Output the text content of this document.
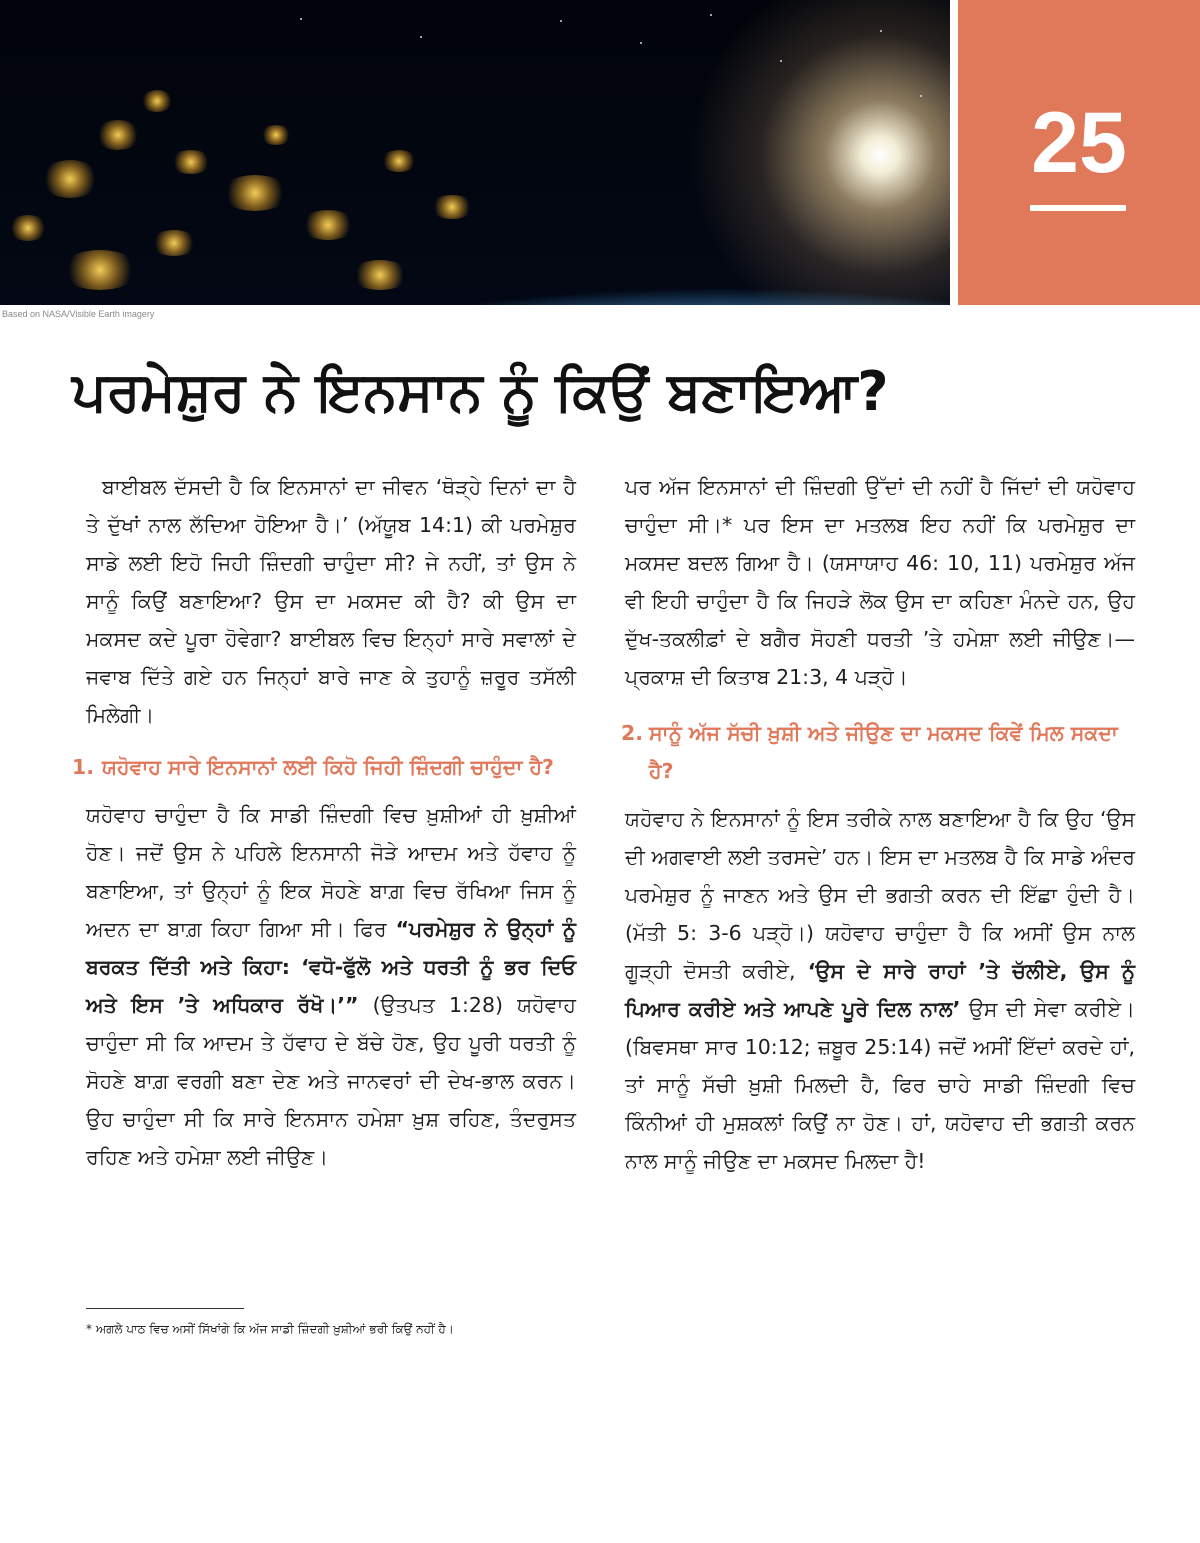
25
Based on NASA/Visible Earth imagery
ਪਰਮੇਸ਼ੁਰ ਨੇ ਇਨਸਾਨ ਨੂੰ ਕਿਉਂ ਬਣਾਇਆ?

ਬਾਈਬਲ ਦੱਸਦੀ ਹੈ ਕਿ ਇਨਸਾਨਾਂ ਦਾ ਜੀਵਨ ‘ਥੋੜ੍ਹੇ ਦਿਨਾਂ ਦਾ ਹੈ ਤੇ ਦੁੱਖਾਂ ਨਾਲ ਲੱਦਿਆ ਹੋਇਆ ਹੈ।’ (ਅੱਯੂਬ 14:1) ਕੀ ਪਰਮੇਸ਼ੁਰ ਸਾਡੇ ਲਈ ਇਹੋ ਜਿਹੀ ਜ਼ਿੰਦਗੀ ਚਾਹੁੰਦਾ ਸੀ? ਜੇ ਨਹੀਂ, ਤਾਂ ਉਸ ਨੇ ਸਾਨੂੰ ਕਿਉਂ ਬਣਾਇਆ? ਉਸ ਦਾ ਮਕਸਦ ਕੀ ਹੈ? ਕੀ ਉਸ ਦਾ ਮਕਸਦ ਕਦੇ ਪੂਰਾ ਹੋਵੇਗਾ? ਬਾਈਬਲ ਵਿਚ ਇਨ੍ਹਾਂ ਸਾਰੇ ਸਵਾਲਾਂ ਦੇ ਜਵਾਬ ਦਿੱਤੇ ਗਏ ਹਨ ਜਿਨ੍ਹਾਂ ਬਾਰੇ ਜਾਣ ਕੇ ਤੁਹਾਨੂੰ ਜ਼ਰੂਰ ਤਸੱਲੀ ਮਿਲੇਗੀ।

1. ਯਹੋਵਾਹ ਸਾਰੇ ਇਨਸਾਨਾਂ ਲਈ ਕਿਹੋ ਜਿਹੀ ਜ਼ਿੰਦਗੀ ਚਾਹੁੰਦਾ ਹੈ?

ਯਹੋਵਾਹ ਚਾਹੁੰਦਾ ਹੈ ਕਿ ਸਾਡੀ ਜ਼ਿੰਦਗੀ ਵਿਚ ਖ਼ੁਸ਼ੀਆਂ ਹੀ ਖ਼ੁਸ਼ੀਆਂ ਹੋਣ। ਜਦੋਂ ਉਸ ਨੇ ਪਹਿਲੇ ਇਨਸਾਨੀ ਜੋੜੇ ਆਦਮ ਅਤੇ ਹੱਵਾਹ ਨੂੰ ਬਣਾਇਆ, ਤਾਂ ਉਨ੍ਹਾਂ ਨੂੰ ਇਕ ਸੋਹਣੇ ਬਾਗ਼ ਵਿਚ ਰੱਖਿਆ ਜਿਸ ਨੂੰ ਅਦਨ ਦਾ ਬਾਗ਼ ਕਿਹਾ ਗਿਆ ਸੀ। ਫਿਰ “ਪਰਮੇਸ਼ੁਰ ਨੇ ਉਨ੍ਹਾਂ ਨੂੰ ਬਰਕਤ ਦਿੱਤੀ ਅਤੇ ਕਿਹਾ: ‘ਵਧੋ-ਫੁੱਲੋ ਅਤੇ ਧਰਤੀ ਨੂੰ ਭਰ ਦਿਓ ਅਤੇ ਇਸ ’ਤੇ ਅਧਿਕਾਰ ਰੱਖੋ।’” (ਉਤਪਤ 1:28) ਯਹੋਵਾਹ ਚਾਹੁੰਦਾ ਸੀ ਕਿ ਆਦਮ ਤੇ ਹੱਵਾਹ ਦੇ ਬੱਚੇ ਹੋਣ, ਉਹ ਪੂਰੀ ਧਰਤੀ ਨੂੰ ਸੋਹਣੇ ਬਾਗ਼ ਵਰਗੀ ਬਣਾ ਦੇਣ ਅਤੇ ਜਾਨਵਰਾਂ ਦੀ ਦੇਖ-ਭਾਲ ਕਰਨ। ਉਹ ਚਾਹੁੰਦਾ ਸੀ ਕਿ ਸਾਰੇ ਇਨਸਾਨ ਹਮੇਸ਼ਾ ਖ਼ੁਸ਼ ਰਹਿਣ, ਤੰਦਰੁਸਤ ਰਹਿਣ ਅਤੇ ਹਮੇਸ਼ਾ ਲਈ ਜੀਉਣ।

ਪਰ ਅੱਜ ਇਨਸਾਨਾਂ ਦੀ ਜ਼ਿੰਦਗੀ ਉੱਦਾਂ ਦੀ ਨਹੀਂ ਹੈ ਜਿੱਦਾਂ ਦੀ ਯਹੋਵਾਹ ਚਾਹੁੰਦਾ ਸੀ।* ਪਰ ਇਸ ਦਾ ਮਤਲਬ ਇਹ ਨਹੀਂ ਕਿ ਪਰਮੇਸ਼ੁਰ ਦਾ ਮਕਸਦ ਬਦਲ ਗਿਆ ਹੈ। (ਯਸਾਯਾਹ 46: 10, 11) ਪਰਮੇਸ਼ੁਰ ਅੱਜ ਵੀ ਇਹੀ ਚਾਹੁੰਦਾ ਹੈ ਕਿ ਜਿਹੜੇ ਲੋਕ ਉਸ ਦਾ ਕਹਿਣਾ ਮੰਨਦੇ ਹਨ, ਉਹ ਦੁੱਖ-ਤਕਲੀਫ਼ਾਂ ਦੇ ਬਗੈਰ ਸੋਹਣੀ ਧਰਤੀ ’ਤੇ ਹਮੇਸ਼ਾ ਲਈ ਜੀਉਣ।—ਪ੍ਰਕਾਸ਼ ਦੀ ਕਿਤਾਬ 21:3, 4 ਪੜ੍ਹੋ।

2. ਸਾਨੂੰ ਅੱਜ ਸੱਚੀ ਖ਼ੁਸ਼ੀ ਅਤੇ ਜੀਉਣ ਦਾ ਮਕਸਦ ਕਿਵੇਂ ਮਿਲ ਸਕਦਾ ਹੈ?

ਯਹੋਵਾਹ ਨੇ ਇਨਸਾਨਾਂ ਨੂੰ ਇਸ ਤਰੀਕੇ ਨਾਲ ਬਣਾਇਆ ਹੈ ਕਿ ਉਹ ‘ਉਸ ਦੀ ਅਗਵਾਈ ਲਈ ਤਰਸਦੇ’ ਹਨ। ਇਸ ਦਾ ਮਤਲਬ ਹੈ ਕਿ ਸਾਡੇ ਅੰਦਰ ਪਰਮੇਸ਼ੁਰ ਨੂੰ ਜਾਣਨ ਅਤੇ ਉਸ ਦੀ ਭਗਤੀ ਕਰਨ ਦੀ ਇੱਛਾ ਹੁੰਦੀ ਹੈ। (ਮੱਤੀ 5: 3-6 ਪੜ੍ਹੋ।) ਯਹੋਵਾਹ ਚਾਹੁੰਦਾ ਹੈ ਕਿ ਅਸੀਂ ਉਸ ਨਾਲ ਗੂੜ੍ਹੀ ਦੋਸਤੀ ਕਰੀਏ, ‘ਉਸ ਦੇ ਸਾਰੇ ਰਾਹਾਂ ’ਤੇ ਚੱਲੀਏ, ਉਸ ਨੂੰ ਪਿਆਰ ਕਰੀਏ ਅਤੇ ਆਪਣੇ ਪੂਰੇ ਦਿਲ ਨਾਲ’ ਉਸ ਦੀ ਸੇਵਾ ਕਰੀਏ। (ਬਿਵਸਥਾ ਸਾਰ 10:12; ਜ਼ਬੂਰ 25:14) ਜਦੋਂ ਅਸੀਂ ਇੱਦਾਂ ਕਰਦੇ ਹਾਂ, ਤਾਂ ਸਾਨੂੰ ਸੱਚੀ ਖ਼ੁਸ਼ੀ ਮਿਲਦੀ ਹੈ, ਫਿਰ ਚਾਹੇ ਸਾਡੀ ਜ਼ਿੰਦਗੀ ਵਿਚ ਕਿੰਨੀਆਂ ਹੀ ਮੁਸ਼ਕਲਾਂ ਕਿਉਂ ਨਾ ਹੋਣ। ਹਾਂ, ਯਹੋਵਾਹ ਦੀ ਭਗਤੀ ਕਰਨ ਨਾਲ ਸਾਨੂੰ ਜੀਉਣ ਦਾ ਮਕਸਦ ਮਿਲਦਾ ਹੈ!

* ਅਗਲੇ ਪਾਠ ਵਿਚ ਅਸੀਂ ਸਿੱਖਾਂਗੇ ਕਿ ਅੱਜ ਸਾਡੀ ਜ਼ਿੰਦਗੀ ਖ਼ੁਸ਼ੀਆਂ ਭਰੀ ਕਿਉਂ ਨਹੀਂ ਹੈ।
